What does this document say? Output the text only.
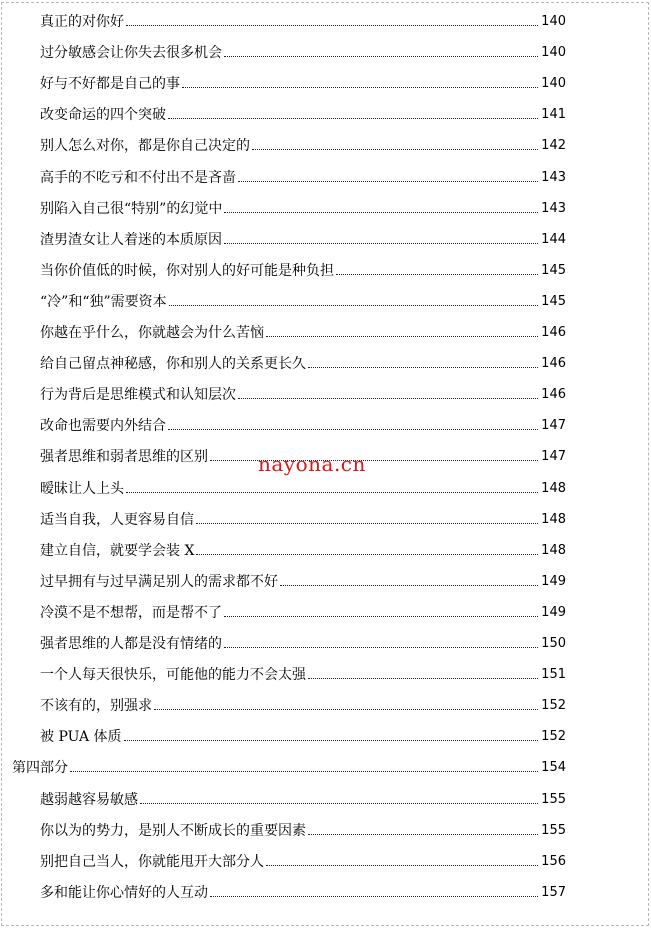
真正的对你好	140
过分敏感会让你失去很多机会	140
好与不好都是自己的事	140
改变命运的四个突破	141
别人怎么对你，都是你自己决定的	142
高手的不吃亏和不付出不是吝啬	143
别陷入自己很“特别”的幻觉中	143
渣男渣女让人着迷的本质原因	144
当你价值低的时候，你对别人的好可能是种负担	145
“冷”和“独”需要资本	145
你越在乎什么，你就越会为什么苦恼	146
给自己留点神秘感，你和别人的关系更长久	146
行为背后是思维模式和认知层次	146
改命也需要内外结合	147
强者思维和弱者思维的区别	147
暧昧让人上头	148
适当自我，人更容易自信	148
建立自信，就要学会装 X	148
过早拥有与过早满足别人的需求都不好	149
冷漠不是不想帮，而是帮不了	149
强者思维的人都是没有情绪的	150
一个人每天很快乐，可能他的能力不会太强	151
不该有的，别强求	152
被 PUA 体质	152
第四部分	154
越弱越容易敏感	155
你以为的势力，是别人不断成长的重要因素	155
别把自己当人，你就能甩开大部分人	156
多和能让你心情好的人互动	157
nayona.cn
